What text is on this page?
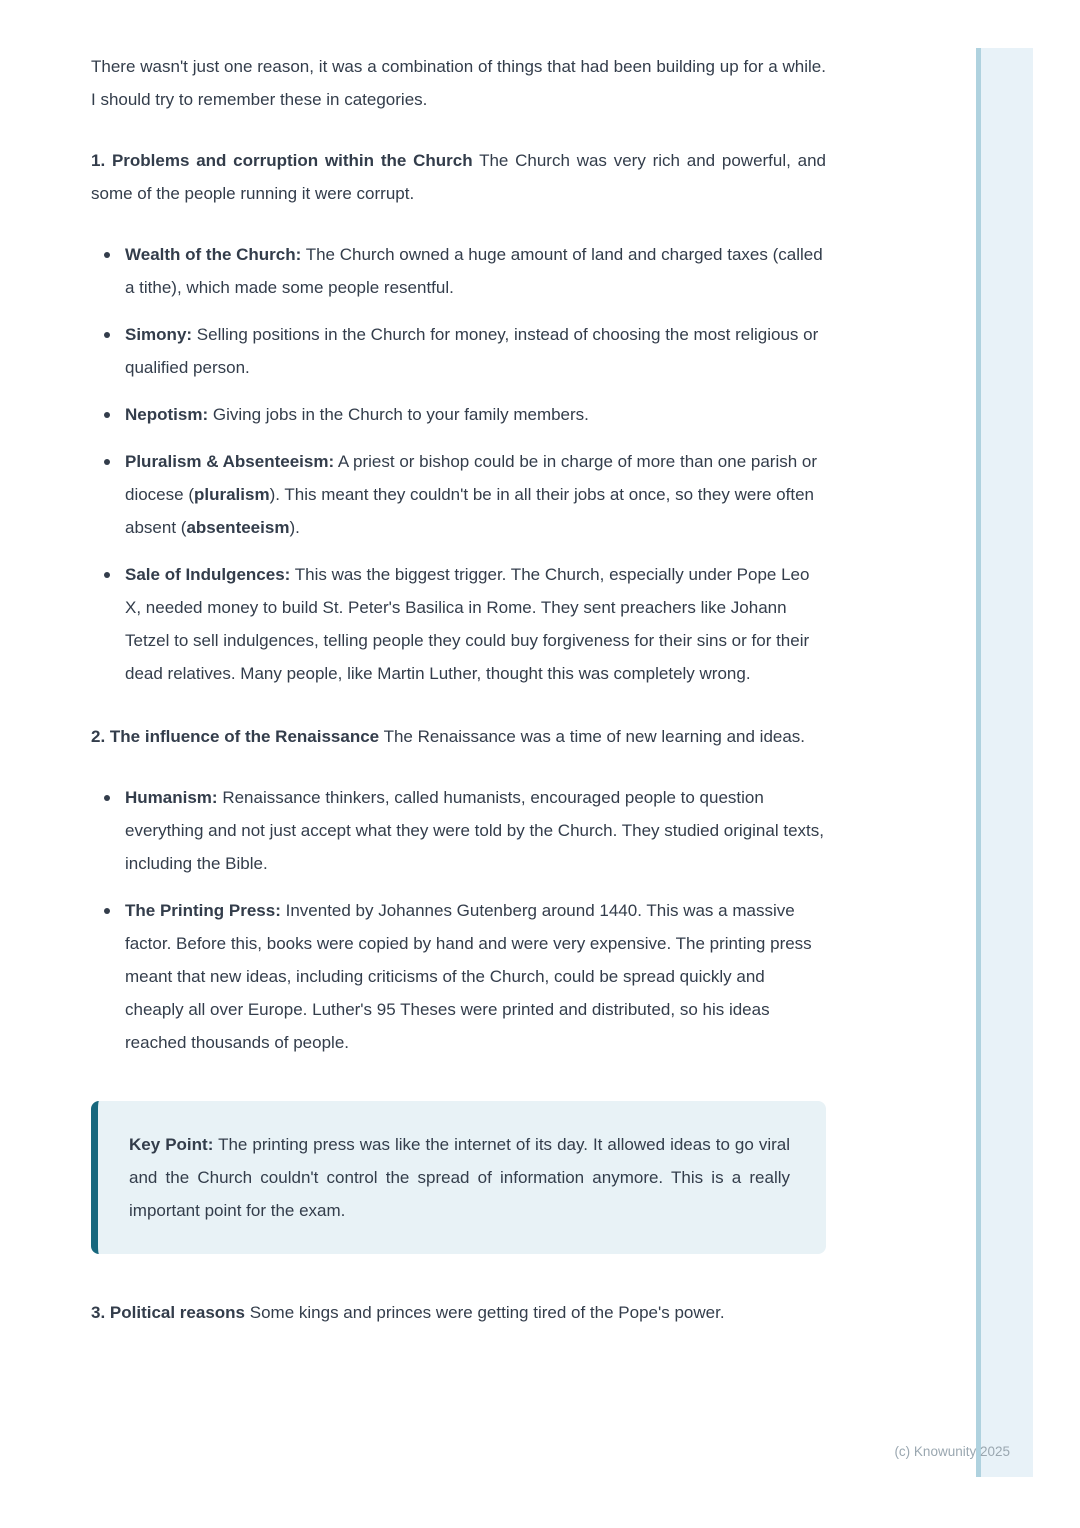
There wasn't just one reason, it was a combination of things that had been building up for a while. I should try to remember these in categories.

1. Problems and corruption within the Church The Church was very rich and powerful, and some of the people running it were corrupt.

Wealth of the Church: The Church owned a huge amount of land and charged taxes (called a tithe), which made some people resentful.
Simony: Selling positions in the Church for money, instead of choosing the most religious or qualified person.
Nepotism: Giving jobs in the Church to your family members.
Pluralism & Absenteeism: A priest or bishop could be in charge of more than one parish or diocese (pluralism). This meant they couldn't be in all their jobs at once, so they were often absent (absenteeism).
Sale of Indulgences: This was the biggest trigger. The Church, especially under Pope Leo X, needed money to build St. Peter's Basilica in Rome. They sent preachers like Johann Tetzel to sell indulgences, telling people they could buy forgiveness for their sins or for their dead relatives. Many people, like Martin Luther, thought this was completely wrong.

2. The influence of the Renaissance The Renaissance was a time of new learning and ideas.

Humanism: Renaissance thinkers, called humanists, encouraged people to question everything and not just accept what they were told by the Church. They studied original texts, including the Bible.
The Printing Press: Invented by Johannes Gutenberg around 1440. This was a massive factor. Before this, books were copied by hand and were very expensive. The printing press meant that new ideas, including criticisms of the Church, could be spread quickly and cheaply all over Europe. Luther's 95 Theses were printed and distributed, so his ideas reached thousands of people.
Key Point: The printing press was like the internet of its day. It allowed ideas to go viral and the Church couldn't control the spread of information anymore. This is a really important point for the exam.

3. Political reasons Some kings and princes were getting tired of the Pope's power.

(c) Knowunity 2025
